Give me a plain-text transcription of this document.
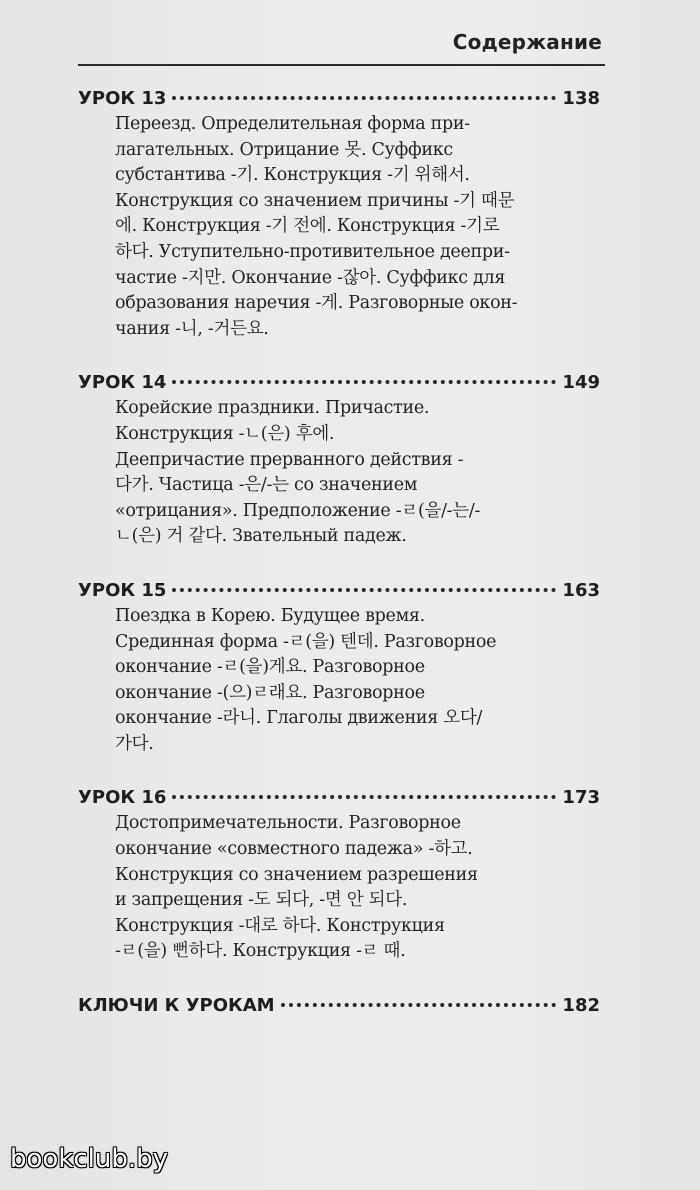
Содержание
УРОК 13	138

Переезд. Определительная форма при-
лагательных. Отрицание 못. Суффикс
субстантива -기. Конструкция -기 위해서.
Конструкция со значением причины -기 때문
에. Конструкция -기 전에. Конструкция -기로
하다. Уступительно-противительное деепри-
частие -지만. Окончание -잖아. Суффикс для
образования наречия -게. Разговорные окон-
чания -니, -거든요.

УРОК 14	149

Корейские праздники. Причастие.
Конструкция -ㄴ(은) 후에.
Деепричастие прерванного действия -
다가. Частица -은/-는 со значением
«отрицания». Предположение -ㄹ(을/-는/-
ㄴ(은) 거 같다. Звательный падеж.

УРОК 15	163

Поездка в Корею. Будущее время.
Срединная форма -ㄹ(을) 텐데. Разговорное
окончание -ㄹ(을)게요. Разговорное
окончание -(으)ㄹ래요. Разговорное
окончание -라니. Глаголы движения 오다/
가다.

УРОК 16	173

Достопримечательности. Разговорное
окончание «совместного падежа» -하고.
Конструкция со значением разрешения
и запрещения -도 되다, -면 안 되다.
Конструкция -대로 하다. Конструкция
-ㄹ(을) 뻔하다. Конструкция -ㄹ 때.

КЛЮЧИ К УРОКАМ	182
bookclub.by
